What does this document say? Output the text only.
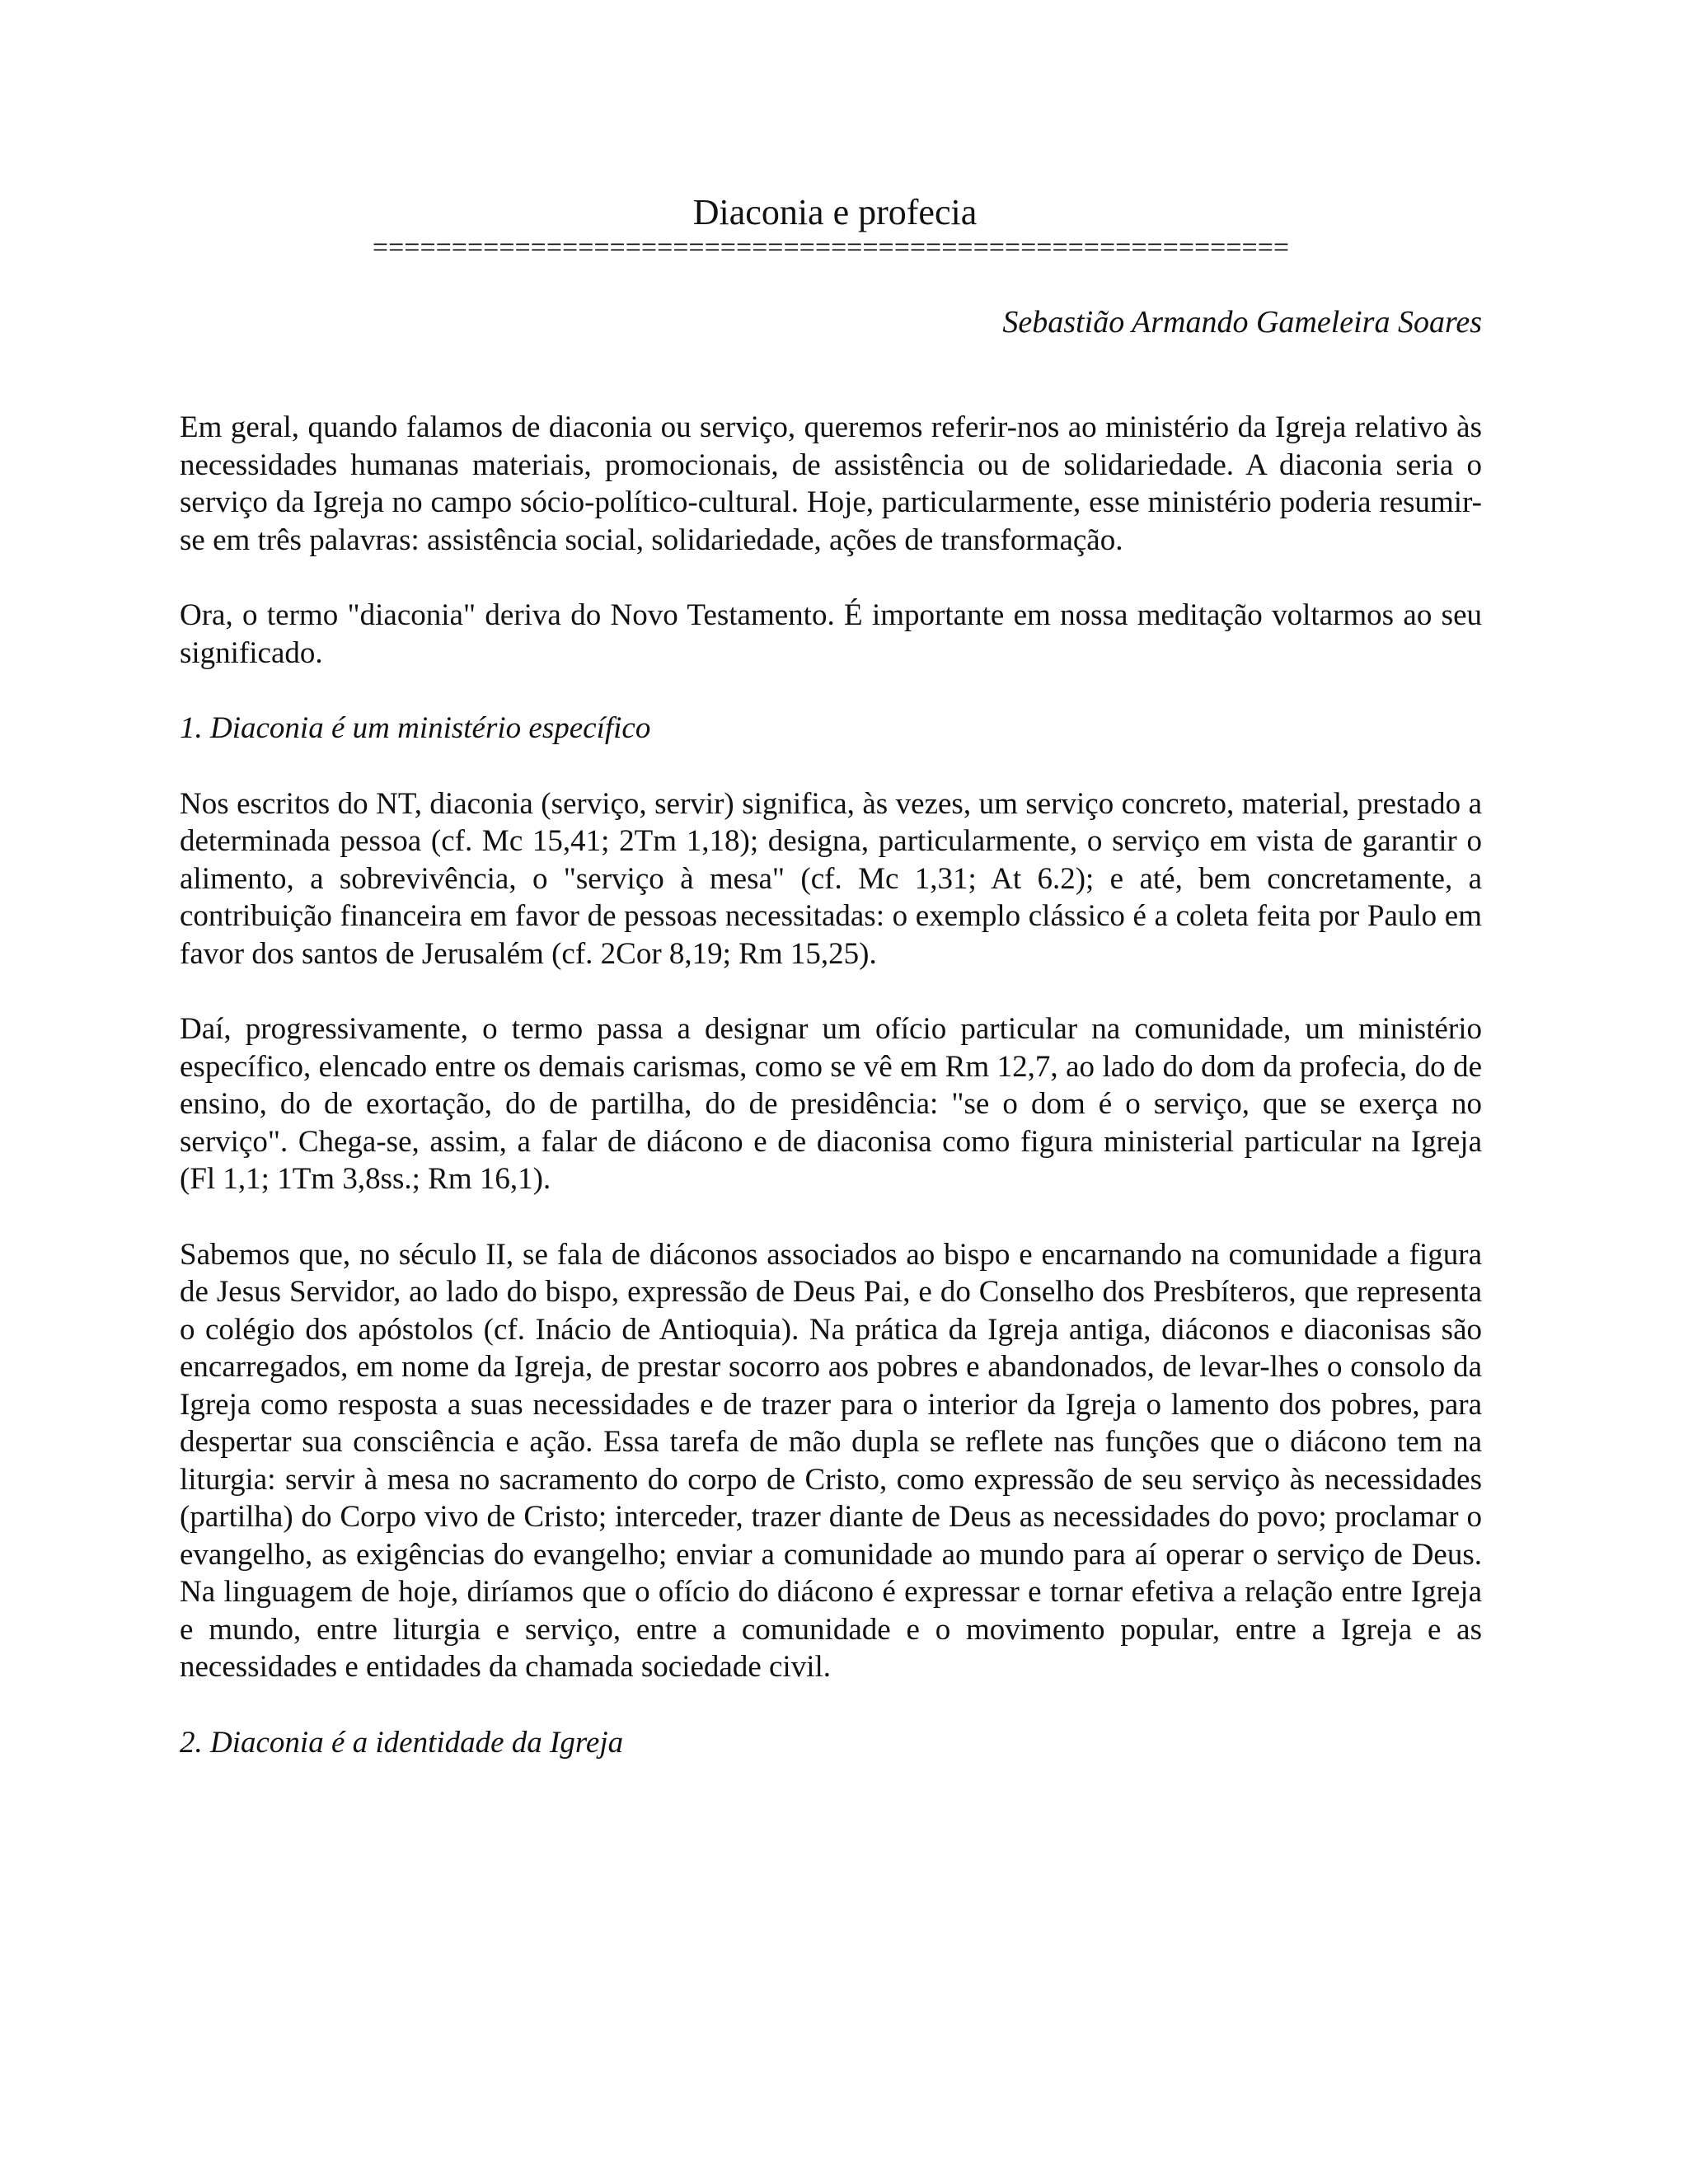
Diaconia e profecia
==========================================================

Sebastião Armando Gameleira Soares

Em geral, quando falamos de diaconia ou serviço, queremos referir-nos ao ministério da Igreja relativo às necessidades humanas materiais, promocionais, de assistência ou de solidariedade. A diaconia seria o serviço da Igreja no campo sócio-político-cultural. Hoje, particularmente, esse ministério poderia resumir-se em três palavras: assistência social, solidariedade, ações de transformação.

Ora, o termo "diaconia" deriva do Novo Testamento. É importante em nossa meditação voltarmos ao seu significado.

1. Diaconia é um ministério específico

Nos escritos do NT, diaconia (serviço, servir) significa, às vezes, um serviço concreto, material, prestado a determinada pessoa (cf. Mc 15,41; 2Tm 1,18); designa, particularmente, o serviço em vista de garantir o alimento, a sobrevivência, o "serviço à mesa" (cf. Mc 1,31; At 6.2); e até, bem concretamente, a contribuição financeira em favor de pessoas necessitadas: o exemplo clássico é a coleta feita por Paulo em favor dos santos de Jerusalém (cf. 2Cor 8,19; Rm 15,25).

Daí, progressivamente, o termo passa a designar um ofício particular na comunidade, um ministério específico, elencado entre os demais carismas, como se vê em Rm 12,7, ao lado do dom da profecia, do de ensino, do de exortação, do de partilha, do de presidência: "se o dom é o serviço, que se exerça no serviço". Chega-se, assim, a falar de diácono e de diaconisa como figura ministerial particular na Igreja (Fl 1,1; 1Tm 3,8ss.; Rm 16,1).

Sabemos que, no século II, se fala de diáconos associados ao bispo e encarnando na comunidade a figura de Jesus Servidor, ao lado do bispo, expressão de Deus Pai, e do Conselho dos Presbíteros, que representa o colégio dos apóstolos (cf. Inácio de Antioquia). Na prática da Igreja antiga, diáconos e diaconisas são encarregados, em nome da Igreja, de prestar socorro aos pobres e abandonados, de levar-lhes o consolo da Igreja como resposta a suas necessidades e de trazer para o interior da Igreja o lamento dos pobres, para despertar sua consciência e ação. Essa tarefa de mão dupla se reflete nas funções que o diácono tem na liturgia: servir à mesa no sacramento do corpo de Cristo, como expressão de seu serviço às necessidades (partilha) do Corpo vivo de Cristo; interceder, trazer diante de Deus as necessidades do povo; proclamar o evangelho, as exigências do evangelho; enviar a comunidade ao mundo para aí operar o serviço de Deus. Na linguagem de hoje, diríamos que o ofício do diácono é expressar e tornar efetiva a relação entre Igreja e mundo, entre liturgia e serviço, entre a comunidade e o movimento popular, entre a Igreja e as necessidades e entidades da chamada sociedade civil.

2. Diaconia é a identidade da Igreja
